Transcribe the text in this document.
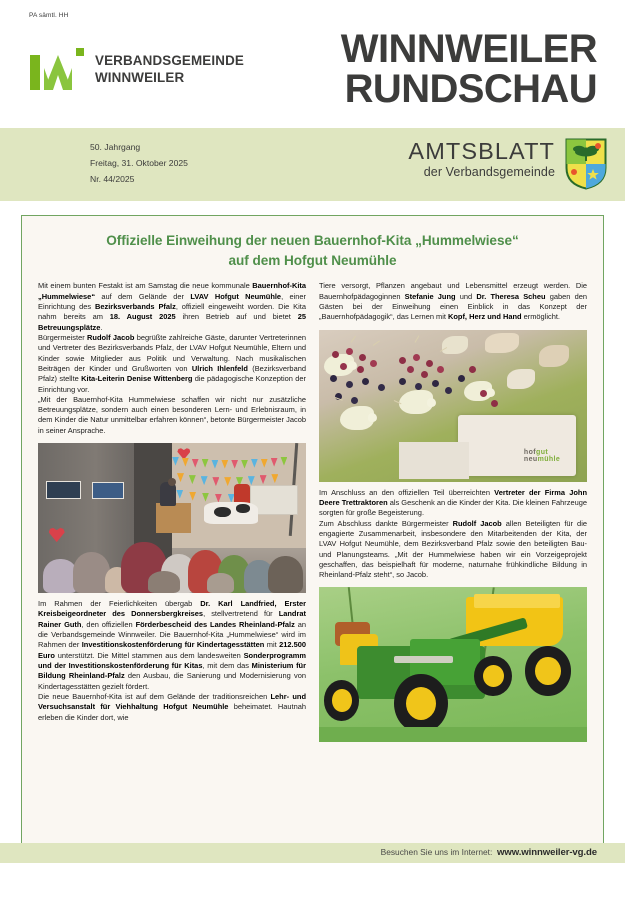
PA sämtl. HH
VERBANDSGEMEINDE
WINNWEILER
WINNWEILER
RUNDSCHAU
50. Jahrgang
Freitag, 31. Oktober 2025
Nr. 44/2025
AMTSBLATT
der Verbandsgemeinde
Offizielle Einweihung der neuen Bauernhof-Kita „Hummelwiese“
auf dem Hofgut Neumühle

Mit einem bunten Festakt ist am Samstag die neue kommunale Bauernhof-Kita „Hummelwiese“ auf dem Gelände der LVAV Hofgut Neumühle, einer Einrichtung des Bezirksverbands Pfalz, offiziell eingeweiht worden. Die Kita nahm bereits am 18. August 2025 ihren Betrieb auf und bietet 25 Betreuungsplätze.

Bürgermeister Rudolf Jacob begrüßte zahlreiche Gäste, darunter Vertreterinnen und Vertreter des Bezirksverbands Pfalz, der LVAV Hofgut Neumühle, Eltern und Kinder sowie Mitglieder aus Politik und Verwaltung. Nach musikalischen Beiträgen der Kinder und Grußworten von Ulrich Ihlenfeld (Bezirksverband Pfalz) stellte Kita-Leiterin Denise Wittenberg die pädagogische Konzeption der Einrichtung vor.

„Mit der Bauernhof-Kita Hummelwiese schaffen wir nicht nur zusätzliche Betreuungsplätze, sondern auch einen besonderen Lern- und Erlebnisraum, in dem Kinder die Natur unmittelbar erfahren können“, betonte Bürgermeister Jacob in seiner Ansprache.

Im Rahmen der Feierlichkeiten übergab Dr. Karl Landfried, Erster Kreisbeigeordneter des Donnersbergkreises, stellvertretend für Landrat Rainer Guth, den offiziellen Förderbescheid des Landes Rheinland-Pfalz an die Verbandsgemeinde Winnweiler. Die Bauernhof-Kita „Hummelwiese“ wird im Rahmen der Investitionskostenförderung für Kindertagesstätten mit 212.500 Euro unterstützt. Die Mittel stammen aus dem landesweiten Sonderprogramm und der Investitionskostenförderung für Kitas, mit dem das Ministerium für Bildung Rheinland-Pfalz den Ausbau, die Sanierung und Modernisierung von Kindertagesstätten gezielt fördert.

Die neue Bauernhof-Kita ist auf dem Gelände der traditionsreichen Lehr- und Versuchsanstalt für Viehhaltung Hofgut Neumühle beheimatet. Hautnah erleben die Kinder dort, wie

Tiere versorgt, Pflanzen angebaut und Lebensmittel erzeugt werden. Die Bauernhofpädagoginnen Stefanie Jung und Dr. Theresa Scheu gaben den Gästen bei der Einweihung einen Einblick in das Konzept der „Bauernhofpädagogik“, das Lernen mit Kopf, Herz und Hand ermöglicht.

hofgut
neumühle

Im Anschluss an den offiziellen Teil überreichten Vertreter der Firma John Deere Trettraktoren als Geschenk an die Kinder der Kita. Die kleinen Fahrzeuge sorgten für große Begeisterung.

Zum Abschluss dankte Bürgermeister Rudolf Jacob allen Beteiligten für die engagierte Zusammenarbeit, insbesondere den Mitarbeitenden der Kita, der LVAV Hofgut Neumühle, dem Bezirksverband Pfalz sowie den beteiligten Bau- und Planungsteams. „Mit der Hummelwiese haben wir ein Vorzeigeprojekt geschaffen, das beispielhaft für moderne, naturnahe frühkindliche Bildung in Rheinland-Pfalz steht“, so Jacob.

Besuchen Sie uns im Internet: www.winnweiler-vg.de
